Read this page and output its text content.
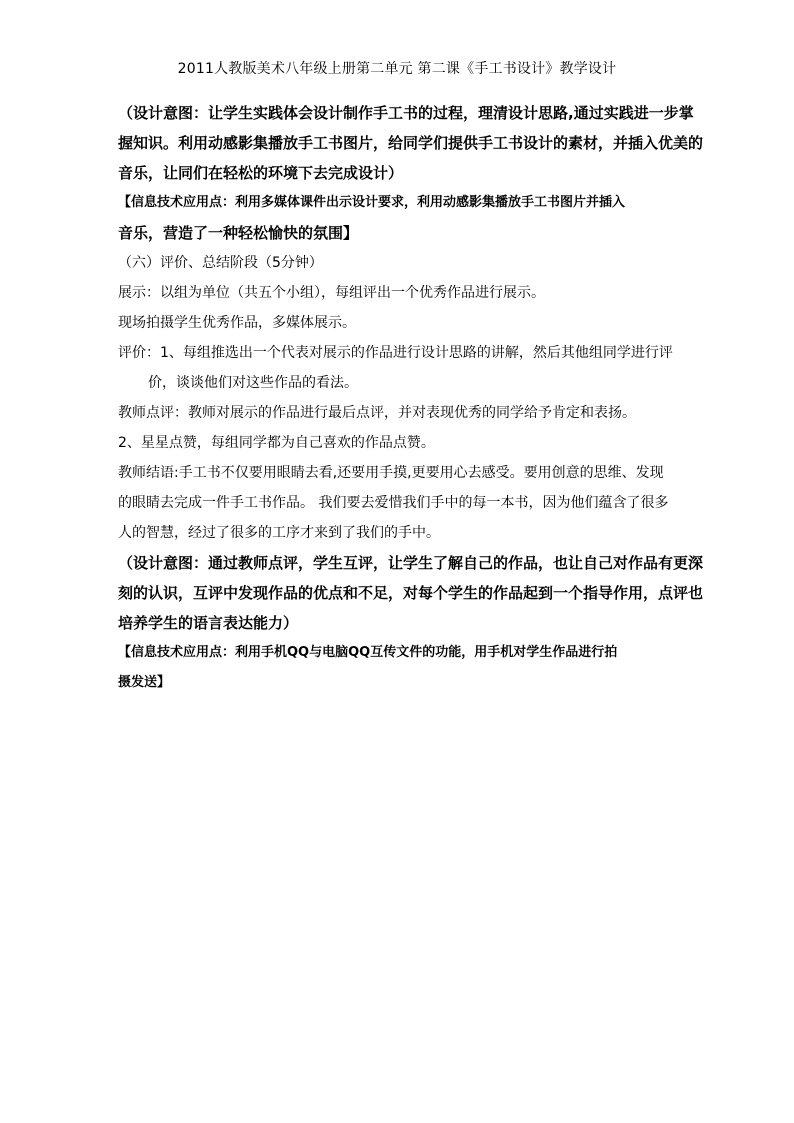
2011人教版美术八年级上册第二单元 第二课《手工书设计》教学设计
（设计意图：让学生实践体会设计制作手工书的过程，理清设计思路,通过实践进一步掌
握知识。利用动感影集播放手工书图片，给同学们提供手工书设计的素材，并插入优美的
音乐，让同们在轻松的环境下去完成设计）
【信息技术应用点：利用多媒体课件出示设计要求，利用动感影集播放手工书图片并插入
音乐，营造了一种轻松愉快的氛围】
（六）评价、总结阶段（5分钟）
展示：以组为单位（共五个小组），每组评出一个优秀作品进行展示。
现场拍摄学生优秀作品，多媒体展示。
评价：1、每组推选出一个代表对展示的作品进行设计思路的讲解，然后其他组同学进行评
价，谈谈他们对这些作品的看法。
教师点评：教师对展示的作品进行最后点评，并对表现优秀的同学给予肯定和表扬。
2、星星点赞，每组同学都为自己喜欢的作品点赞。
教师结语:手工书不仅要用眼睛去看,还要用手摸,更要用心去感受。要用创意的思维、发现
的眼睛去完成一件手工书作品。 我们要去爱惜我们手中的每一本书，因为他们蕴含了很多
人的智慧，经过了很多的工序才来到了我们的手中。
（设计意图：通过教师点评，学生互评，让学生了解自己的作品，也让自己对作品有更深
刻的认识，互评中发现作品的优点和不足，对每个学生的作品起到一个指导作用，点评也
培养学生的语言表达能力）
【信息技术应用点：利用手机QQ与电脑QQ互传文件的功能，用手机对学生作品进行拍
摄发送】
